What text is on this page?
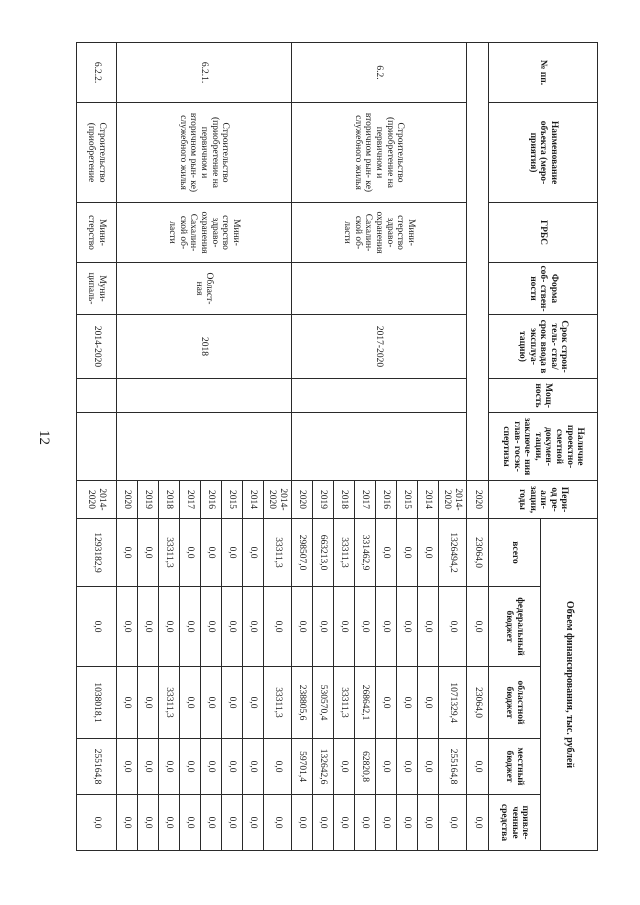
12
№ пп.	Наименование объекта (меро- приятия)	ГРБС	Форма соб- ствен- ности	Срок строи- тель- ства/срок ввода в эксплуа- тацию)	Мощ- ность	Наличие проектно- сметной докумен- тации, заключе- ния глав- госэк- спертизы	Пери- од ре- али- зации, годы	Объем финансирования, тыс. рублей	
								всего	федеральный бюджет	областной бюджет	местный бюджет	привле- ченные средства	
							2020	23064,0	0,0	23064,0	0,0	0,0	
6.2.	Строительство (приобретение на первичном и вторичном рын- ке) служебного жилья	Мини- стерство здраво- охранения Сахалин- ской об- ласти		2017-2020			2014-2020	1326494,2	0,0	1071329,4	255164,8	0,0	
							2014	0,0	0,0	0,0	0,0	0,0	
							2015	0,0	0,0	0,0	0,0	0,0	
							2016	0,0	0,0	0,0	0,0	0,0	
							2017	331462,9	0,0	268642,1	62820,8	0,0	
							2018	33311,3	0,0	33311,3	0,0	0,0	
							2019	663213,0	0,0	530570,4	132642,6	0,0	
							2020	298507,0	0,0	238805,6	59701,4	0,0	
6.2.1.	Строительство (приобретение на первичном и вторичном рын- ке) служебного жилья	Мини- стерство здраво- охранения Сахалин- ской об- ласти	Област- ная	2018			2014-2020	33311,3	0,0	33311,3	0,0	0,0	
							2014	0,0	0,0	0,0	0,0	0,0	
							2015	0,0	0,0	0,0	0,0	0,0	
							2016	0,0	0,0	0,0	0,0	0,0	
							2017	0,0	0,0	0,0	0,0	0,0	
							2018	33311,3	0,0	33311,3	0,0	0,0	
							2019	0,0	0,0	0,0	0,0	0,0	
							2020	0,0	0,0	0,0	0,0	0,0	
6.2.2.	Строительство (приобретение	Мини- стерство	Муни- ципаль-	2014-2020			2014-2020	1293182,9	0,0	1038018,1	255164,8	0,0	
